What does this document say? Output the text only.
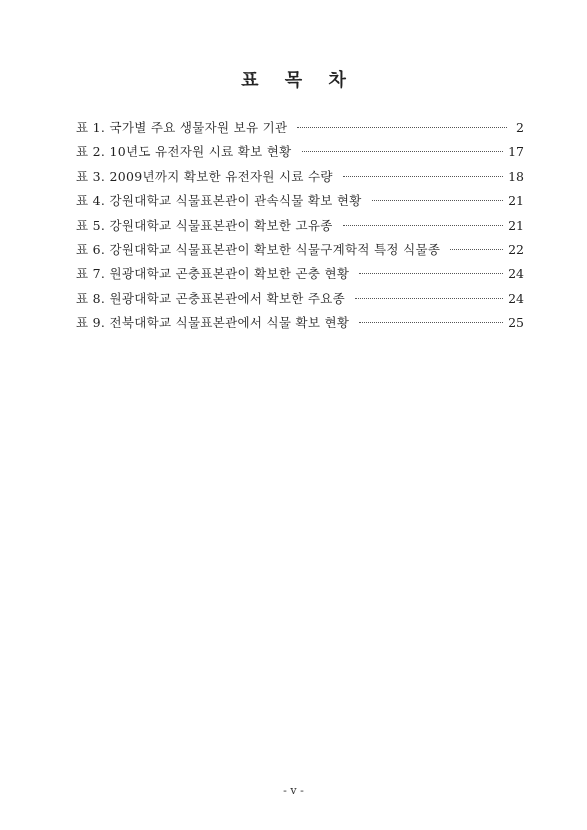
표 목 차
표 1. 국가별 주요 생물자원 보유 기관	2
표 2. 10년도 유전자원 시료 확보 현황	17
표 3. 2009년까지 확보한 유전자원 시료 수량	18
표 4. 강원대학교 식물표본관이 관속식물 확보 현황	21
표 5. 강원대학교 식물표본관이 확보한 고유종	21
표 6. 강원대학교 식물표본관이 확보한 식물구계학적 특정 식물종	22
표 7. 원광대학교 곤충표본관이 확보한 곤충 현황	24
표 8. 원광대학교 곤충표본관에서 확보한 주요종	24
표 9. 전북대학교 식물표본관에서 식물 확보 현황	25
- v -
